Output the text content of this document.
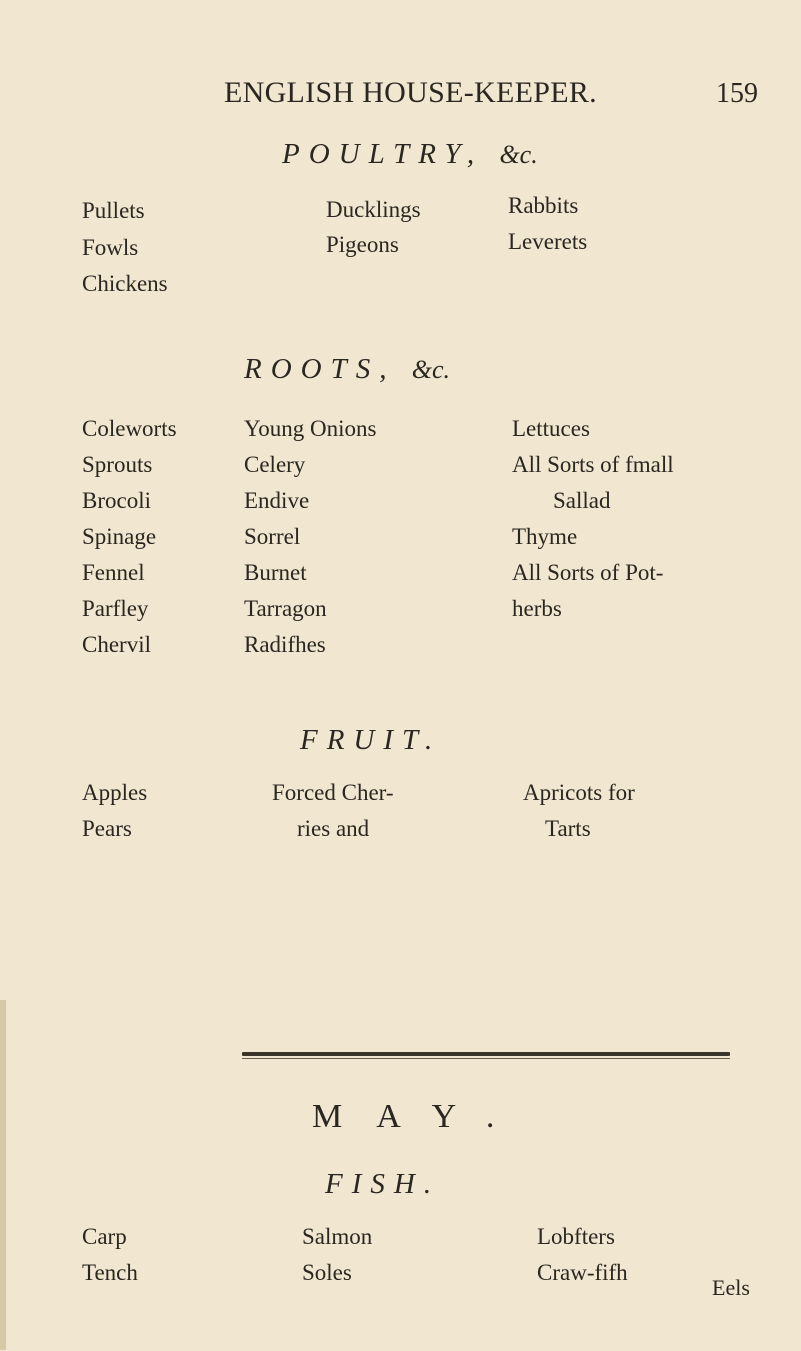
ENGLISH HOUSE-KEEPER.	159
POULTRY, &c.
Pullets
Fowls
Chickens
Ducklings
Pigeons
Rabbits
Leverets
ROOTS, &c.
Coleworts
Sprouts
Brocoli
Spinage
Fennel
Parfley
Chervil
Young Onions
Celery
Endive
Sorrel
Burnet
Tarragon
Radifhes
Lettuces
All Sorts of fmall
Sallad
Thyme
All Sorts of Pot-
herbs
FRUIT.
Apples
Pears
Forced Cher-
ries and
Apricots for
Tarts
MAY.
FISH.
Carp
Tench
Salmon
Soles
Lobfters
Craw-fifh
Eels
